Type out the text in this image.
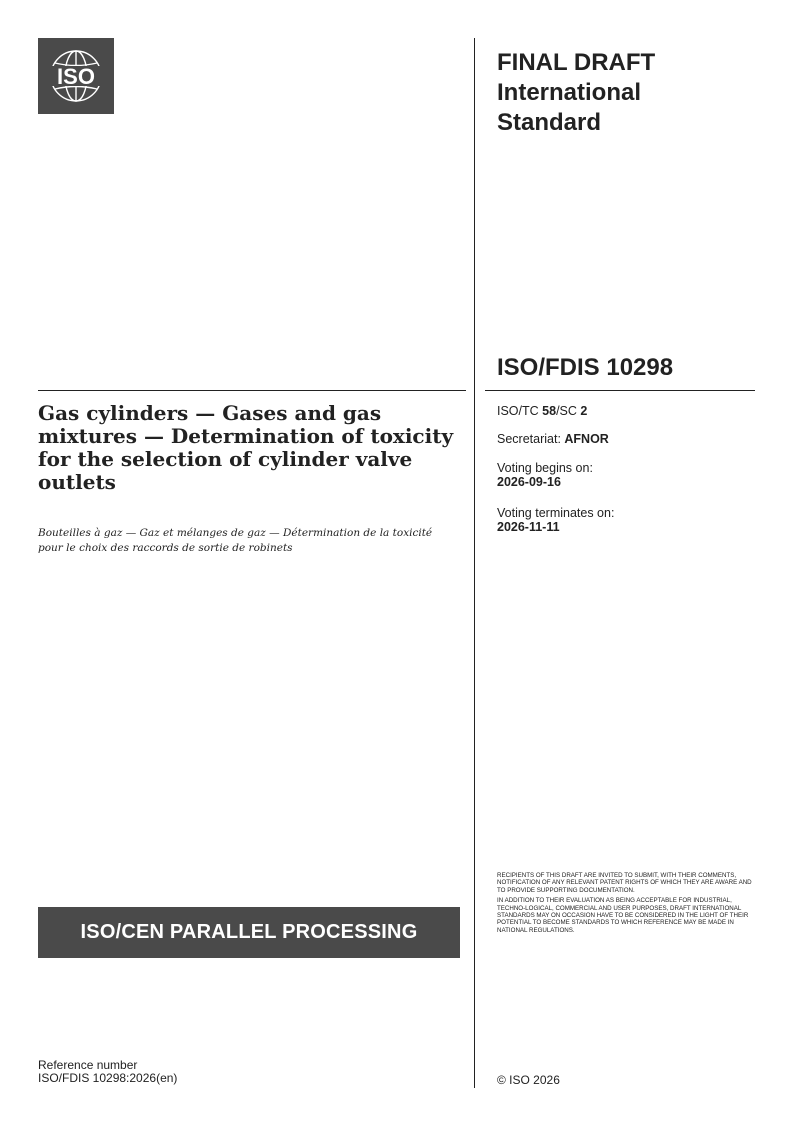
ISO
FINAL DRAFT
International
Standard
ISO/FDIS 10298
Gas cylinders — Gases and gas mixtures — Determination of toxicity for the selection of cylinder valve outlets
Bouteilles à gaz — Gaz et mélanges de gaz — Détermination de la toxicité pour le choix des raccords de sortie de robinets
ISO/TC 58/SC 2
Secretariat: AFNOR
Voting begins on:
2026-09-16
Voting terminates on:
2026-11-11

RECIPIENTS OF THIS DRAFT ARE INVITED TO SUBMIT, WITH THEIR COMMENTS, NOTIFICATION OF ANY RELEVANT PATENT RIGHTS OF WHICH THEY ARE AWARE AND TO PROVIDE SUPPORTING DOCUMENTATION.

IN ADDITION TO THEIR EVALUATION AS BEING ACCEPTABLE FOR INDUSTRIAL, TECHNO-LOGICAL, COMMERCIAL AND USER PURPOSES, DRAFT INTERNATIONAL STANDARDS MAY ON OCCASION HAVE TO BE CONSIDERED IN THE LIGHT OF THEIR POTENTIAL TO BECOME STANDARDS TO WHICH REFERENCE MAY BE MADE IN NATIONAL REGULATIONS.

ISO/CEN PARALLEL PROCESSING
Reference number
ISO/FDIS 10298:2026(en)	© ISO 2026
